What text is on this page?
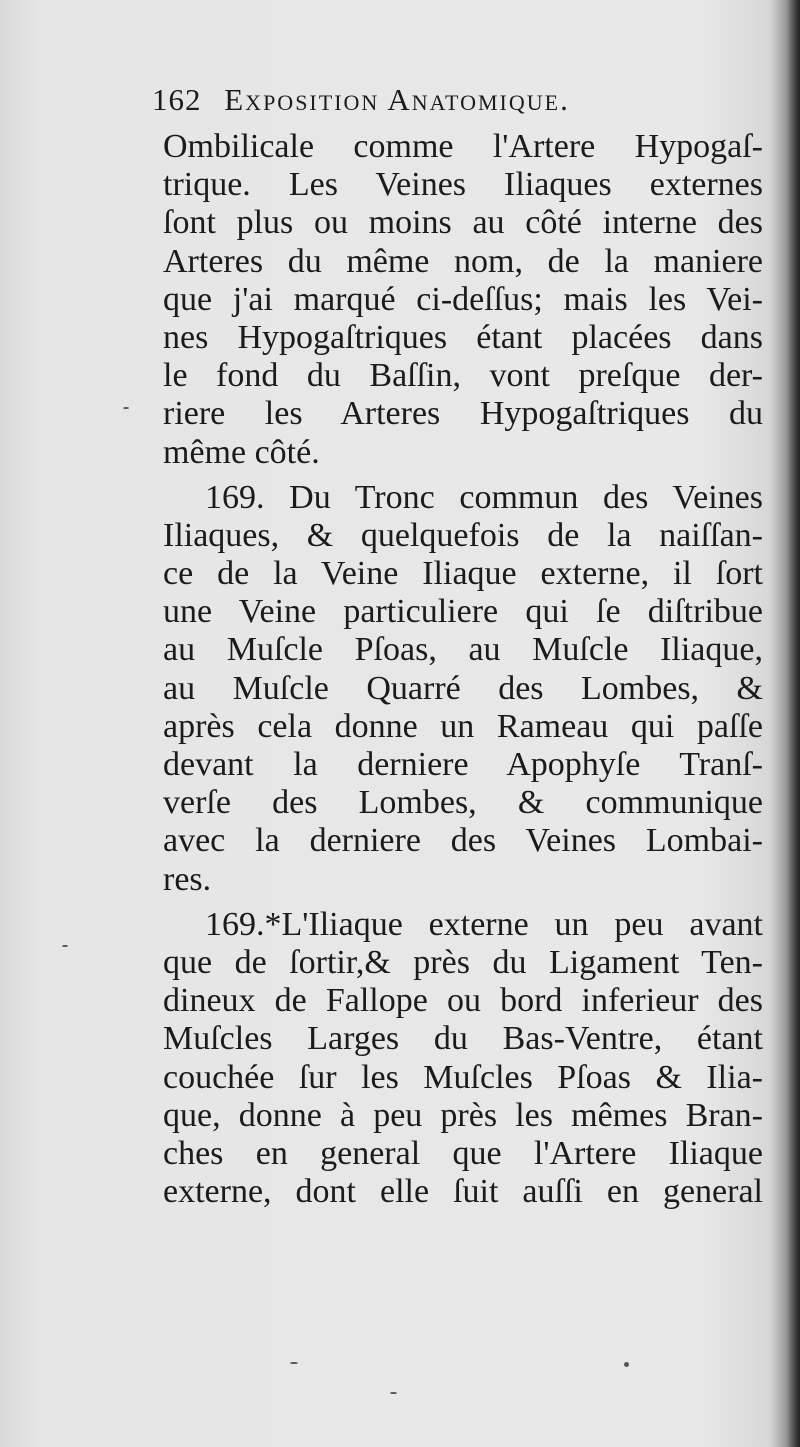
162 Exposition Anatomique.
Ombilicale comme l'Artere Hypogaſ-
trique. Les Veines Iliaques externes
ſont plus ou moins au côté interne des
Arteres du même nom, de la maniere
que j'ai marqué ci-deſſus; mais les Vei-
nes Hypogaſtriques étant placées dans
le fond du Baſſin, vont preſque der-
riere les Arteres Hypogaſtriques du
même côté.
169. Du Tronc commun des Veines
Iliaques, & quelquefois de la naiſſan-
ce de la Veine Iliaque externe, il ſort
une Veine particuliere qui ſe diſtribue
au Muſcle Pſoas, au Muſcle Iliaque,
au Muſcle Quarré des Lombes, &
après cela donne un Rameau qui paſſe
devant la derniere Apophyſe Tranſ-
verſe des Lombes, & communique
avec la derniere des Veines Lombai-
res.
169.*L'Iliaque externe un peu avant
que de ſortir,& près du Ligament Ten-
dineux de Fallope ou bord inferieur des
Muſcles Larges du Bas-Ventre, étant
couchée ſur les Muſcles Pſoas & Ilia-
que, donne à peu près les mêmes Bran-
ches en general que l'Artere Iliaque
externe, dont elle ſuit auſſi en general
